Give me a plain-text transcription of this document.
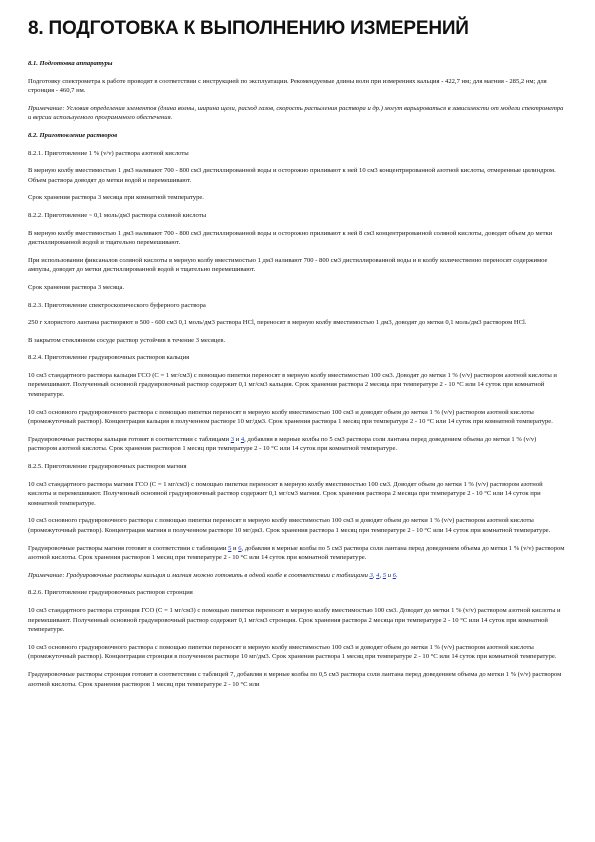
8. ПОДГОТОВКА К ВЫПОЛНЕНИЮ ИЗМЕРЕНИЙ

8.1. Подготовка аппаратуры

Подготовку спектрометра к работе проводят в соответствии с инструкцией по эксплуатации. Рекомендуемые длины волн при измерениях кальция - 422,7 нм; для магния - 285,2 нм; для стронция - 460,7 нм.

Примечание: Условия определения элементов (длина волны, ширина щели, расход газов, скорость распыления раствора и др.) могут варьироваться в зависимости от модели спектрометра и версии используемого программного обеспечения.

8.2. Приготовление растворов

8.2.1. Приготовление 1 % (v/v) раствора азотной кислоты

В мерную колбу вместимостью 1 дм3 наливают 700 - 800 см3 дистиллированной воды и осторожно приливают к ней 10 см3 концентрированной азотной кислоты, отмеренные цилиндром. Объем раствора доводят до метки водой и перемешивают.

Срок хранения раствора 3 месяца при комнатной температуре.

8.2.2. Приготовление ~ 0,1 моль/дм3 раствора соляной кислоты

В мерную колбу вместимостью 1 дм3 наливают 700 - 800 см3 дистиллированной воды и осторожно приливают к ней 8 см3 концентрированной соляной кислоты, доводят объем до метки дистиллированной водой и тщательно перемешивают.

При использовании фиксаналов соляной кислоты в мерную колбу вместимостью 1 дм3 наливают 700 - 800 см3 дистиллированной воды и в колбу количественно переносят содержимое ампулы, доводят до метки дистиллированной водой и тщательно перемешивают.

Срок хранения раствора 3 месяца.

8.2.3. Приготовление спектроскопического буферного раствора

250 г хлористого лантана растворяют в 500 - 600 см3 0,1 моль/дм3 раствора HCl, переносят в мерную колбу вместимостью 1 дм3, доводят до метки 0,1 моль/дм3 раствором HCl.

В закрытом стеклянном сосуде раствор устойчив в течение 3 месяцев.

8.2.4. Приготовление градуировочных растворов кальция

10 см3 стандартного раствора кальция ГСО (С = 1 мг/см3) с помощью пипетки переносят в мерную колбу вместимостью 100 см3. Доводят до метки 1 % (v/v) раствором азотной кислоты и перемешивают. Полученный основной градуировочный раствор содержит 0,1 мг/см3 кальция. Срок хранения раствора 2 месяца при температуре 2 - 10 °С или 14 суток при комнатной температуре.

10 см3 основного градуировочного раствора с помощью пипетки переносят в мерную колбу вместимостью 100 см3 и доводят объем до метки 1 % (v/v) раствором азотной кислоты (промежуточный раствор). Концентрация кальция в полученном растворе 10 мг/дм3. Срок хранения раствора 1 месяц при температуре 2 - 10 °С или 14 суток при комнатной температуре.

Градуировочные растворы кальция готовят в соответствии с таблицами 3 и 4, добавляя в мерные колбы по 5 см3 раствора соли лантана перед доведением объема до метки 1 % (v/v) раствором азотной кислоты. Срок хранения растворов 1 месяц при температуре 2 - 10 °С или 14 суток при комнатной температуре.

8.2.5. Приготовление градуировочных растворов магния

10 см3 стандартного раствора магния ГСО (С = 1 мг/см3) с помощью пипетки переносят в мерную колбу вместимостью 100 см3. Доводят объем до метки 1 % (v/v) раствором азотной кислоты и перемешивают. Полученный основной градуировочный раствор содержит 0,1 мг/см3 магния. Срок хранения раствора 2 месяца при температуре 2 - 10 °С или 14 суток при комнатной температуре.

10 см3 основного градуировочного раствора с помощью пипетки переносят в мерную колбу вместимостью 100 см3 и доводят объем до метки 1 % (v/v) раствором азотной кислоты (промежуточный раствор). Концентрация магния в полученном растворе 10 мг/дм3. Срок хранения раствора 1 месяц при температуре 2 - 10 °С или 14 суток при комнатной температуре.

Градуировочные растворы магния готовят в соответствии с таблицами 5 и 6, добавляя в мерные колбы по 5 см3 раствора соли лантана перед доведением объема до метки 1 % (v/v) раствором азотной кислоты. Срок хранения растворов 1 месяц при температуре 2 - 10 °С или 14 суток при комнатной температуре.

Примечание: Градуировочные растворы кальция и магния можно готовить в одной колбе в соответствии с таблицами 3, 4, 5 и 6.

8.2.6. Приготовление градуировочных растворов стронция

10 см3 стандартного раствора стронция ГСО (С = 1 мг/см3) с помощью пипетки переносят в мерную колбу вместимостью 100 см3. Доводят до метки 1 % (v/v) раствором азотной кислоты и перемешивают. Полученный основной градуировочный раствор содержит 0,1 мг/см3 стронция. Срок хранения раствора 2 месяца при температуре 2 - 10 °С или 14 суток при комнатной температуре.

10 см3 основного градуировочного раствора с помощью пипетки переносят в мерную колбу вместимостью 100 см3 и доводят объем до метки 1 % (v/v) раствором азотной кислоты (промежуточный раствор). Концентрация стронция в полученном растворе 10 мг/дм3. Срок хранения раствора 1 месяц при температуре 2 - 10 °С или 14 суток при комнатной температуре.

Градуировочные растворы стронция готовят в соответствии с таблицей 7, добавляя в мерные колбы по 0,5 см3 раствора соли лантана перед доведением объема до метки 1 % (v/v) раствором азотной кислоты. Срок хранения растворов 1 месяц при температуре 2 - 10 °С или
